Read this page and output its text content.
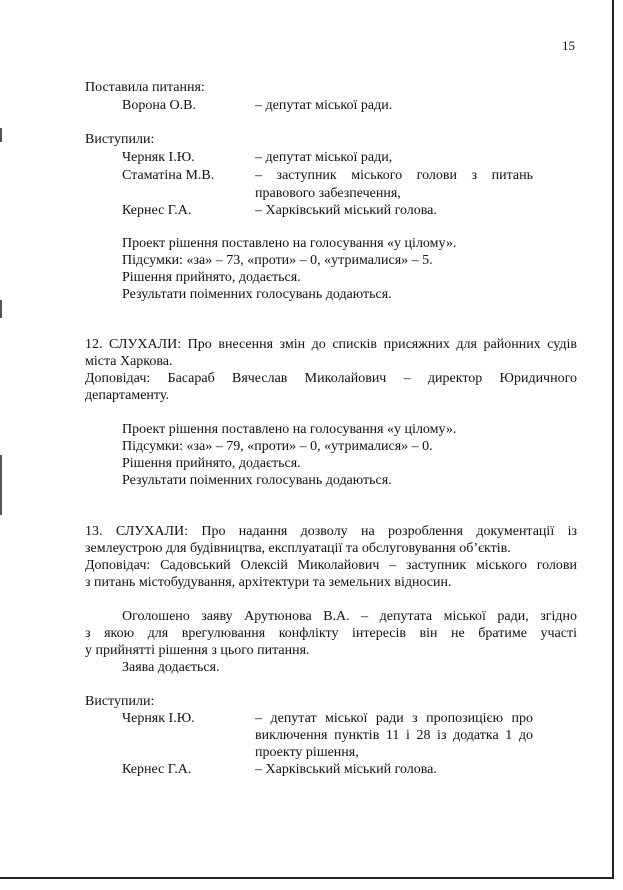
15
Поставила питання:
Ворона О.В.	– депутат міської ради.
Виступили:
Черняк І.Ю.	– депутат міської ради,
Стаматіна М.В.	– заступник міського голови з питань
правового забезпечення,
Кернес Г.А.	– Харківський міський голова.
Проект рішення поставлено на голосування «у цілому».
Підсумки: «за» – 73, «проти» – 0, «утрималися» – 5.
Рішення прийнято, додається.
Результати поіменних голосувань додаються.
12. СЛУХАЛИ: Про внесення змін до списків присяжних для районних судів
міста Харкова.
Доповідач: Басараб Вячеслав Миколайович – директор Юридичного
департаменту.
Проект рішення поставлено на голосування «у цілому».
Підсумки: «за» – 79, «проти» – 0, «утрималися» – 0.
Рішення прийнято, додається.
Результати поіменних голосувань додаються.
13. СЛУХАЛИ: Про надання дозволу на розроблення документації із
землеустрою для будівництва, експлуатації та обслуговування об’єктів.
Доповідач: Садовський Олексій Миколайович – заступник міського голови
з питань містобудування, архітектури та земельних відносин.
Оголошено заяву Арутюнова В.А. – депутата міської ради, згідно
з якою для врегулювання конфлікту інтересів він не братиме участі
у прийнятті рішення з цього питання.
Заява додається.
Виступили:
Черняк І.Ю.	– депутат міської ради з пропозицією про
виключення пунктів 11 і 28 із додатка 1 до
проекту рішення,
Кернес Г.А.	– Харківський міський голова.
